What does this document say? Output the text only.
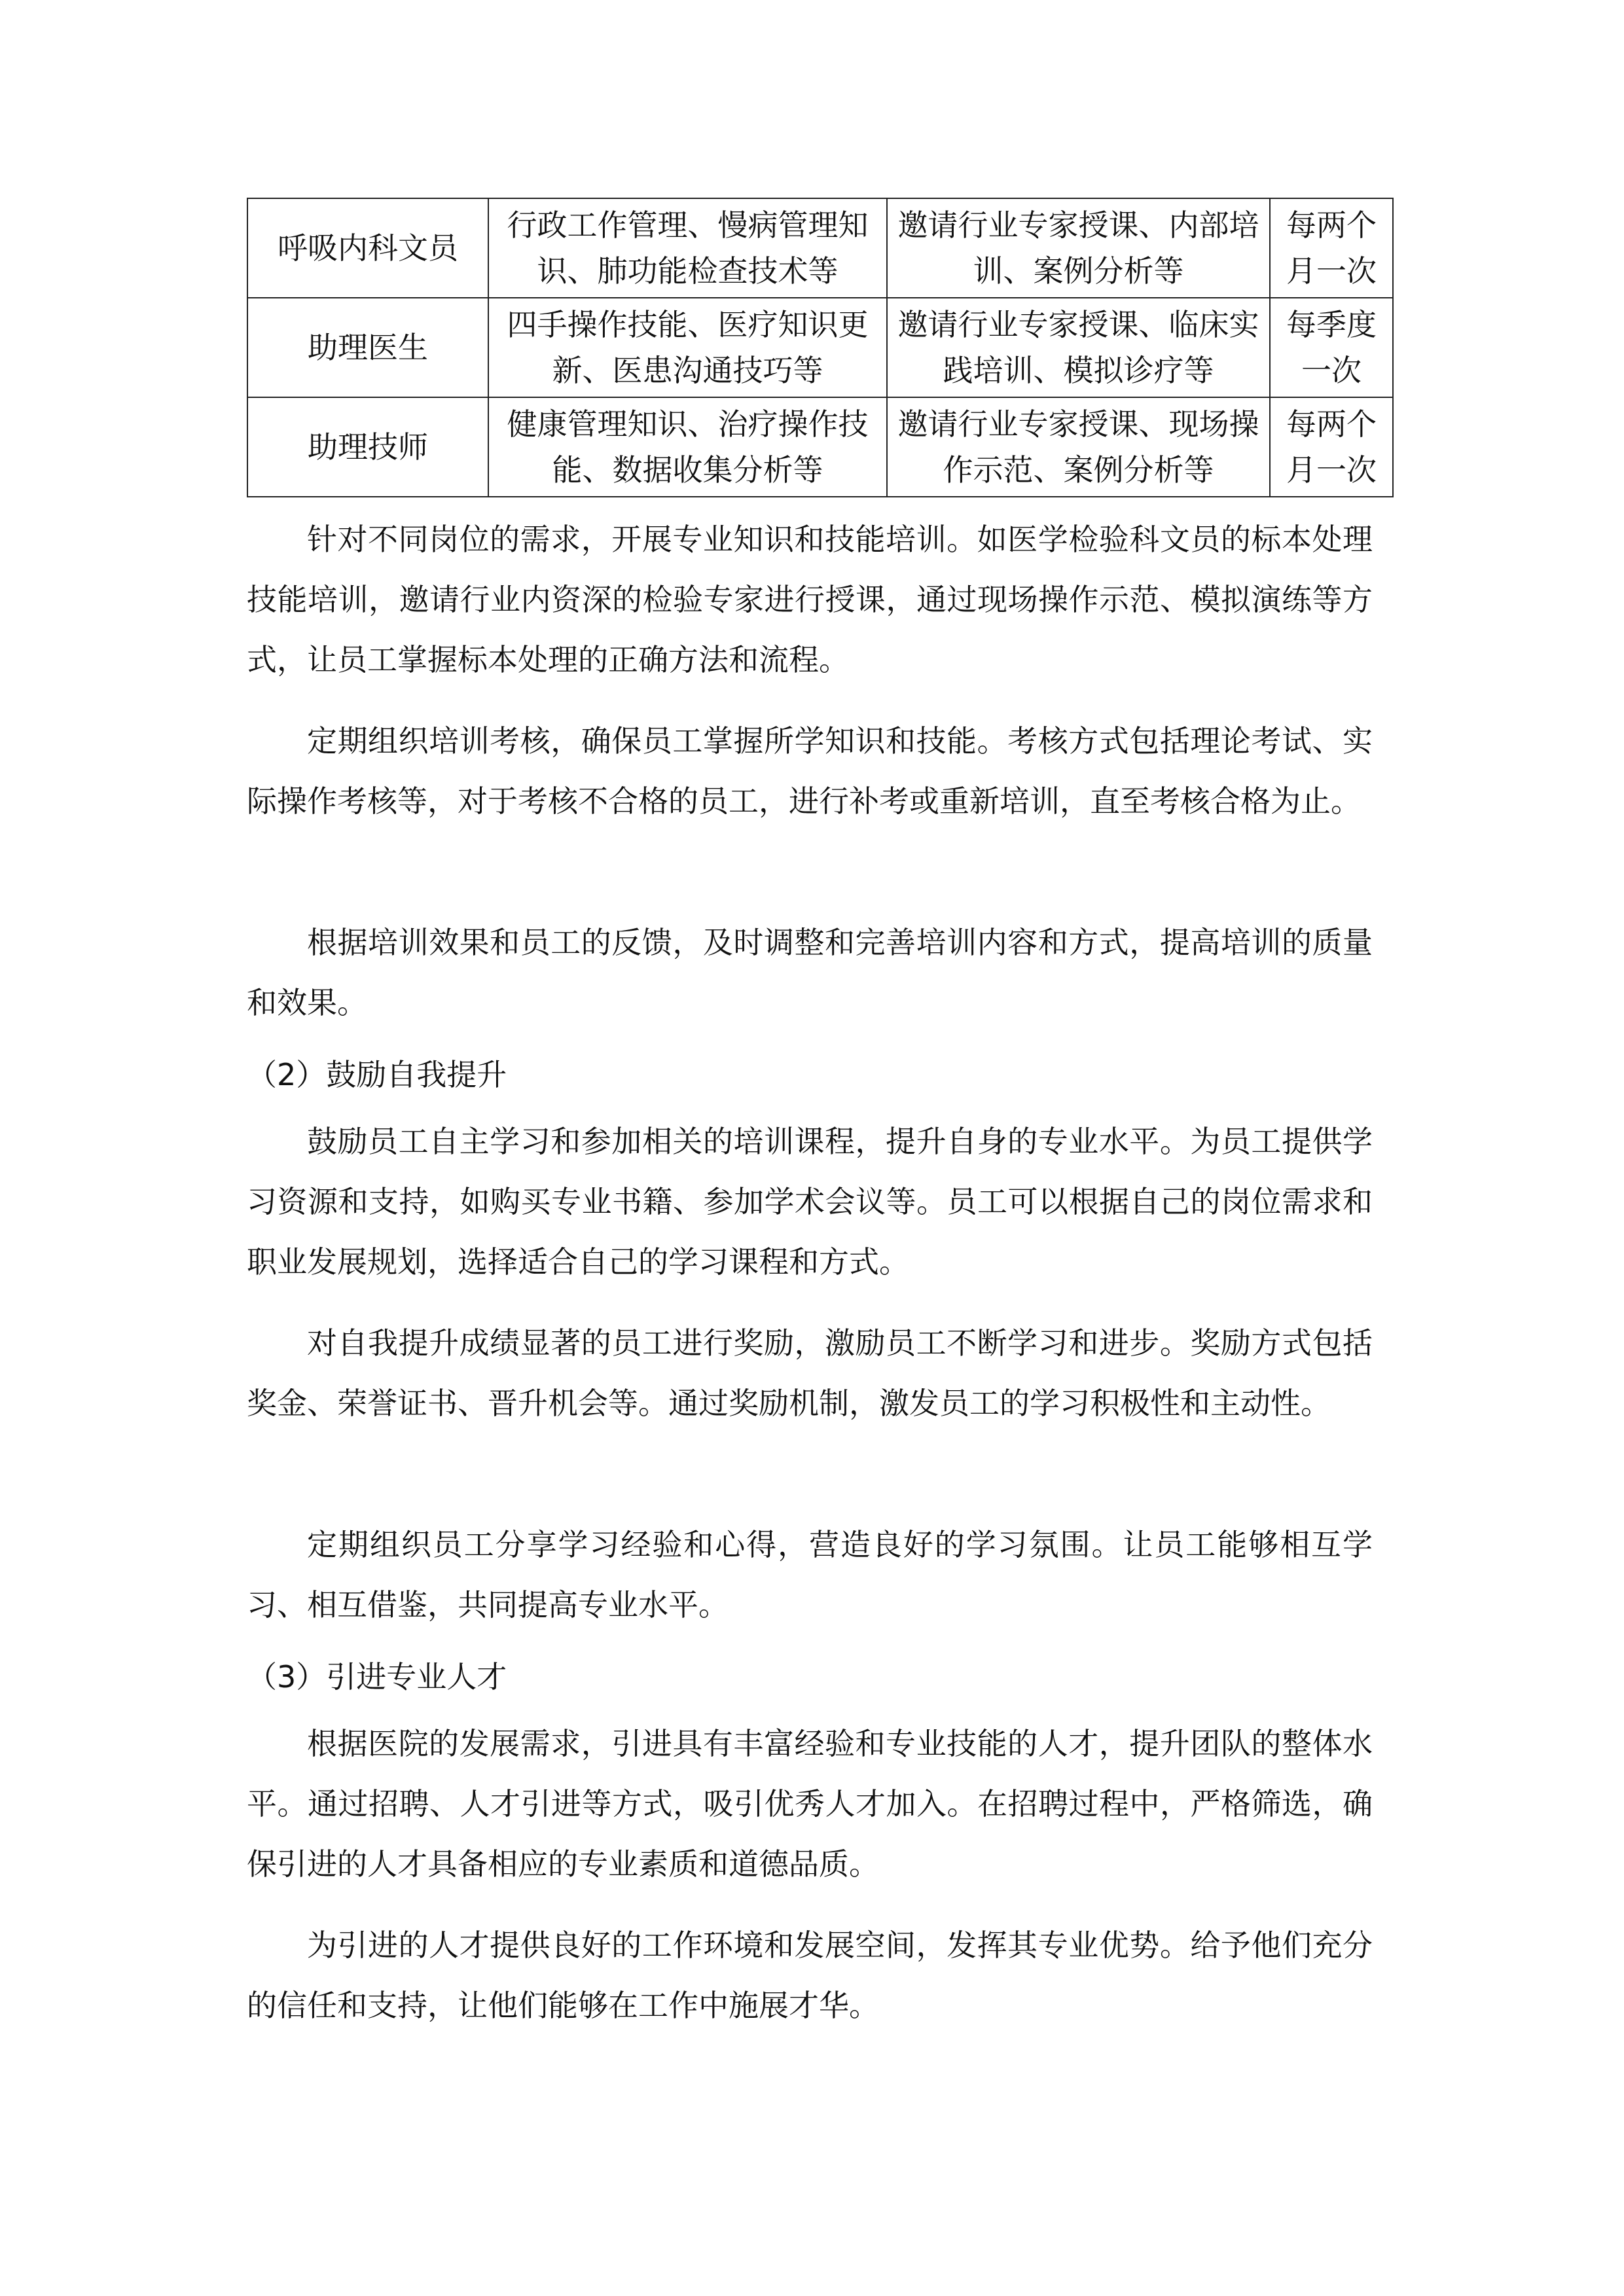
呼吸内科文员	行政工作管理、慢病管理知识、肺功能检查技术等	邀请行业专家授课、内部培训、案例分析等	每两个月一次
助理医生	四手操作技能、医疗知识更新、医患沟通技巧等	邀请行业专家授课、临床实践培训、模拟诊疗等	每季度一次
助理技师	健康管理知识、治疗操作技能、数据收集分析等	邀请行业专家授课、现场操作示范、案例分析等	每两个月一次

针对不同岗位的需求，开展专业知识和技能培训。如医学检验科文员的标本处理技能培训，邀请行业内资深的检验专家进行授课，通过现场操作示范、模拟演练等方式，让员工掌握标本处理的正确方法和流程。

定期组织培训考核，确保员工掌握所学知识和技能。考核方式包括理论考试、实际操作考核等，对于考核不合格的员工，进行补考或重新培训，直至考核合格为止。

根据培训效果和员工的反馈，及时调整和完善培训内容和方式，提高培训的质量和效果。

（2）鼓励自我提升

鼓励员工自主学习和参加相关的培训课程，提升自身的专业水平。为员工提供学习资源和支持，如购买专业书籍、参加学术会议等。员工可以根据自己的岗位需求和职业发展规划，选择适合自己的学习课程和方式。

对自我提升成绩显著的员工进行奖励，激励员工不断学习和进步。奖励方式包括奖金、荣誉证书、晋升机会等。通过奖励机制，激发员工的学习积极性和主动性。

定期组织员工分享学习经验和心得，营造良好的学习氛围。让员工能够相互学习、相互借鉴，共同提高专业水平。

（3）引进专业人才

根据医院的发展需求，引进具有丰富经验和专业技能的人才，提升团队的整体水平。通过招聘、人才引进等方式，吸引优秀人才加入。在招聘过程中，严格筛选，确保引进的人才具备相应的专业素质和道德品质。

为引进的人才提供良好的工作环境和发展空间，发挥其专业优势。给予他们充分的信任和支持，让他们能够在工作中施展才华。
